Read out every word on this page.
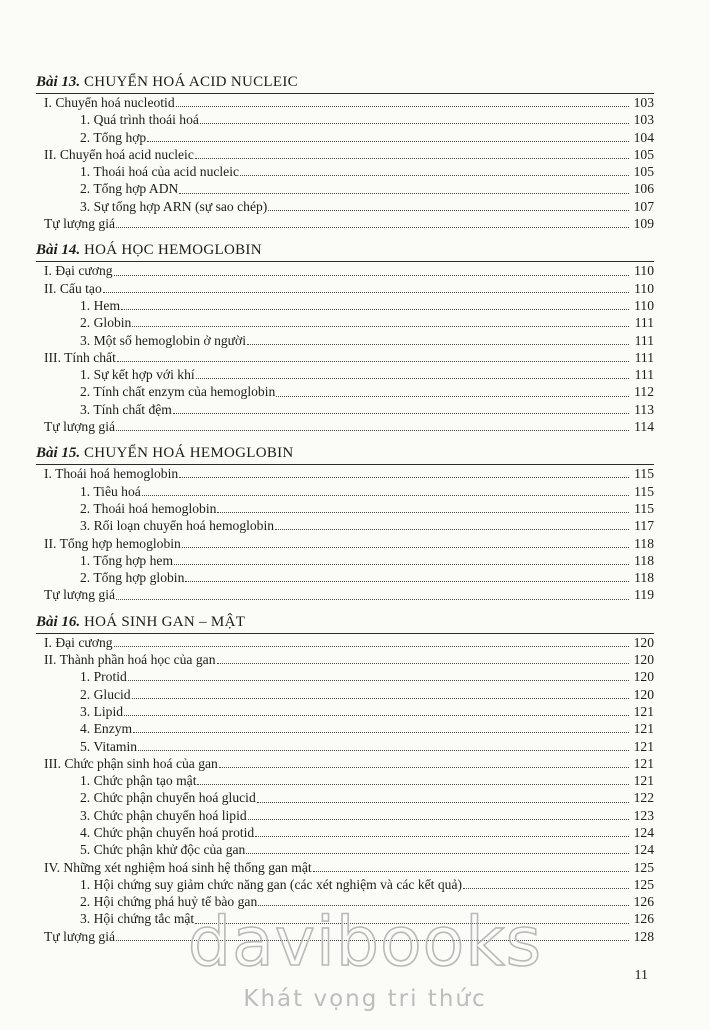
Bài 13. CHUYỂN HOÁ ACID NUCLEIC
I. Chuyển hoá nucleotid	103
1. Quá trình thoái hoá	103
2. Tổng hợp	104
II. Chuyển hoá acid nucleic	105
1. Thoái hoá của acid nucleic	105
2. Tổng hợp ADN	106
3. Sự tổng hợp ARN (sự sao chép)	107
Tự lượng giá	109
Bài 14. HOÁ HỌC HEMOGLOBIN
I. Đại cương	110
II. Cấu tạo	110
1. Hem	110
2. Globin	111
3. Một số hemoglobin ở người	111
III. Tính chất	111
1. Sự kết hợp với khí	111
2. Tính chất enzym của hemoglobin	112
3. Tính chất đệm	113
Tự lượng giá	114
Bài 15. CHUYỂN HOÁ HEMOGLOBIN
I. Thoái hoá hemoglobin	115
1. Tiêu hoá	115
2. Thoái hoá hemoglobin	115
3. Rối loạn chuyển hoá hemoglobin	117
II. Tổng hợp hemoglobin	118
1. Tổng hợp hem	118
2. Tổng hợp globin	118
Tự lượng giá	119
Bài 16. HOÁ SINH GAN – MẬT
I. Đại cương	120
II. Thành phần hoá học của gan	120
1. Protid	120
2. Glucid	120
3. Lipid	121
4. Enzym	121
5. Vitamin	121
III. Chức phận sinh hoá của gan	121
1. Chức phận tạo mật	121
2. Chức phận chuyển hoá glucid	122
3. Chức phận chuyển hoá lipid	123
4. Chức phận chuyển hoá protid	124
5. Chức phận khử độc của gan	124
IV. Những xét nghiệm hoá sinh hệ thống gan mật	125
1. Hội chứng suy giảm chức năng gan (các xét nghiệm và các kết quả)	125
2. Hội chứng phá huỷ tế bào gan	126
3. Hội chứng tắc mật	126
Tự lượng giá	128
11
davibooks
Khát vọng tri thức
